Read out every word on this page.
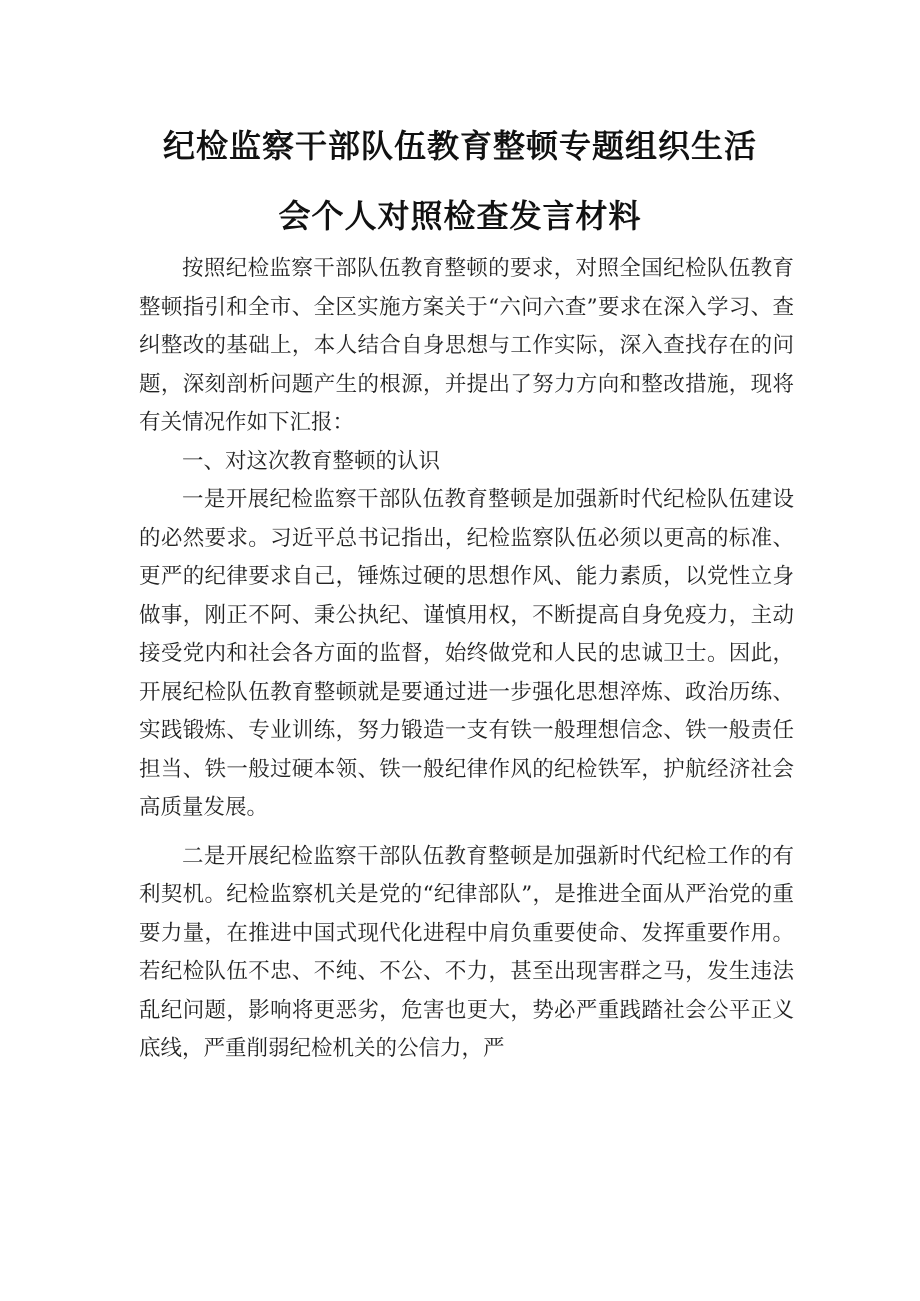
纪检监察干部队伍教育整顿专题组织生活
会个人对照检查发言材料

按照纪检监察干部队伍教育整顿的要求，对照全国纪检队伍教育整顿指引和全市、全区实施方案关于“六问六查”要求在深入学习、查纠整改的基础上，本人结合自身思想与工作实际，深入查找存在的问题，深刻剖析问题产生的根源，并提出了努力方向和整改措施，现将有关情况作如下汇报：

一、对这次教育整顿的认识

一是开展纪检监察干部队伍教育整顿是加强新时代纪检队伍建设的必然要求。习近平总书记指出，纪检监察队伍必须以更高的标准、更严的纪律要求自己，锤炼过硬的思想作风、能力素质，以党性立身做事，刚正不阿、秉公执纪、谨慎用权，不断提高自身免疫力，主动接受党内和社会各方面的监督，始终做党和人民的忠诚卫士。因此，开展纪检队伍教育整顿就是要通过进一步强化思想淬炼、政治历练、实践锻炼、专业训练，努力锻造一支有铁一般理想信念、铁一般责任担当、铁一般过硬本领、铁一般纪律作风的纪检铁军，护航经济社会高质量发展。

二是开展纪检监察干部队伍教育整顿是加强新时代纪检工作的有利契机。纪检监察机关是党的“纪律部队”，是推进全面从严治党的重要力量，在推进中国式现代化进程中肩负重要使命、发挥重要作用。若纪检队伍不忠、不纯、不公、不力，甚至出现害群之马，发生违法乱纪问题，影响将更恶劣，危害也更大，势必严重践踏社会公平正义底线，严重削弱纪检机关的公信力，严
